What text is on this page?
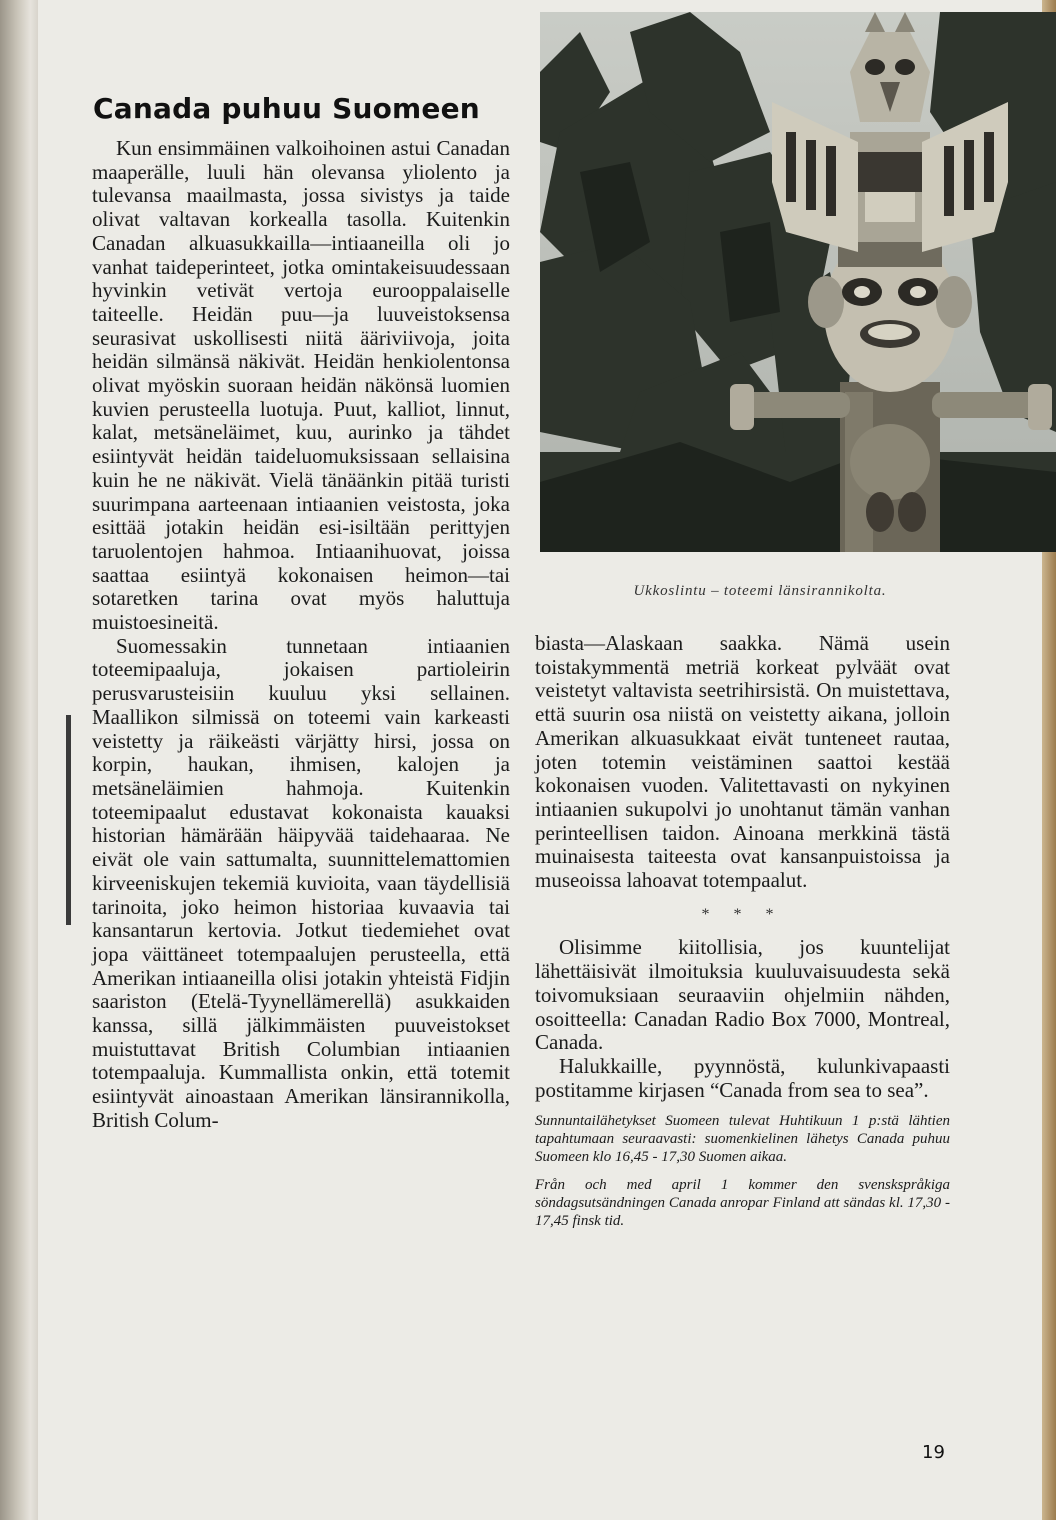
Canada puhuu Suomeen

Kun ensimmäinen valkoihoinen astui Canadan maaperälle, luuli hän olevansa yliolento ja tulevansa maailmasta, jossa sivistys ja taide olivat valtavan korkealla tasolla. Kuitenkin Canadan alkuasukkailla—intiaaneilla oli jo vanhat taideperinteet, jotka omintakeisuudessaan hyvinkin vetivät vertoja eurooppalaiselle taiteelle. Heidän puu—ja luuveistoksensa seurasivat uskollisesti niitä ääriviivoja, joita heidän silmänsä näkivät. Heidän henkiolentonsa olivat myöskin suoraan heidän näkönsä luomien kuvien perusteella luotuja. Puut, kalliot, linnut, kalat, metsäneläimet, kuu, aurinko ja tähdet esiintyvät heidän taideluomuksissaan sellaisina kuin he ne näkivät. Vielä tänäänkin pitää turisti suurimpana aarteenaan intiaanien veistosta, joka esittää jotakin heidän esi-isiltään perittyjen taruolentojen hahmoa. Intiaanihuovat, joissa saattaa esiintyä kokonaisen heimon—tai sotaretken tarina ovat myös haluttuja muistoesineitä.

Suomessakin tunnetaan intiaanien toteemipaaluja, jokaisen partioleirin perusvarusteisiin kuuluu yksi sellainen. Maallikon silmissä on toteemi vain karkeasti veistetty ja räikeästi värjätty hirsi, jossa on korpin, haukan, ihmisen, kalojen ja metsäneläimien hahmoja. Kuitenkin toteemipaalut edustavat kokonaista kauaksi historian hämärään häipyvää taidehaaraa. Ne eivät ole vain sattumalta, suunnittelemattomien kirveeniskujen tekemiä kuvioita, vaan täydellisiä tarinoita, joko heimon historiaa kuvaavia tai kansantarun kertovia. Jotkut tiedemiehet ovat jopa väittäneet totempaalujen perusteella, että Amerikan intiaaneilla olisi jotakin yhteistä Fidjin saariston (Etelä-Tyynellämerellä) asukkaiden kanssa, sillä jälkimmäisten puuveistokset muistuttavat British Columbian intiaanien totempaaluja. Kummallista onkin, että totemit esiintyvät ainoastaan Amerikan länsirannikolla, British Colum-

Ukkoslintu – toteemi länsirannikolta.

biasta—Alaskaan saakka. Nämä usein toistakymmentä metriä korkeat pylväät ovat veistetyt valtavista seetrihirsistä. On muistettava, että suurin osa niistä on veistetty aikana, jolloin Amerikan alkuasukkaat eivät tunteneet rautaa, joten totemin veistäminen saattoi kestää kokonaisen vuoden. Valitettavasti on nykyinen intiaanien sukupolvi jo unohtanut tämän vanhan perinteellisen taidon. Ainoana merkkinä tästä muinaisesta taiteesta ovat kansanpuistoissa ja museoissa lahoavat totempaalut.

* * *

Olisimme kiitollisia, jos kuuntelijat lähettäisivät ilmoituksia kuuluvaisuudesta sekä toivomuksiaan seuraaviin ohjelmiin nähden, osoitteella: Canadan Radio Box 7000, Montreal, Canada.

Halukkaille, pyynnöstä, kulunkivapaasti postitamme kirjasen “Canada from sea to sea”.

Sunnuntailähetykset Suomeen tulevat Huhtikuun 1 p:stä lähtien tapahtumaan seuraavasti: suomenkielinen lähetys Canada puhuu Suomeen klo 16,45 - 17,30 Suomen aikaa.

Från och med april 1 kommer den svenskspråkiga söndagsutsändningen Canada anropar Finland att sändas kl. 17,30 - 17,45 finsk tid.

19
